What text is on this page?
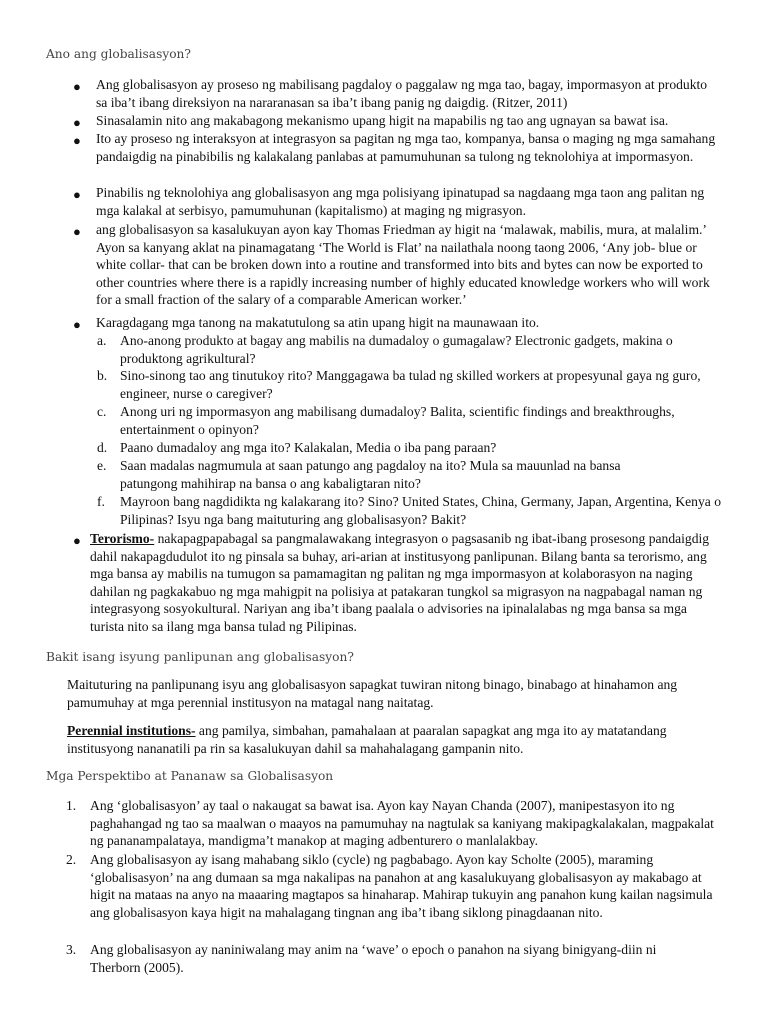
Ano ang globalisasyon?
● Ang globalisasyon ay proseso ng mabilisang pagdaloy o paggalaw ng mga tao, bagay, impormasyon at produkto sa iba’t ibang direksiyon na nararanasan sa iba’t ibang panig ng daigdig. (Ritzer, 2011)
● Sinasalamin nito ang makabagong mekanismo upang higit na mapabilis ng tao ang ugnayan sa bawat isa.
● Ito ay proseso ng interaksyon at integrasyon sa pagitan ng mga tao, kompanya, bansa o maging ng mga samahang pandaigdig na pinabibilis ng kalakalang panlabas at pamumuhunan sa tulong ng teknolohiya at impormasyon.
● Pinabilis ng teknolohiya ang globalisasyon ang mga polisiyang ipinatupad sa nagdaang mga taon ang palitan ng mga kalakal at serbisyo, pamumuhunan (kapitalismo) at maging ng migrasyon.
● ang globalisasyon sa kasalukuyan ayon kay Thomas Friedman ay higit na ‘malawak, mabilis, mura, at malalim.’ Ayon sa kanyang aklat na pinamagatang ‘The World is Flat’ na nailathala noong taong 2006, ‘Any job- blue or white collar- that can be broken down into a routine and transformed into bits and bytes can now be exported to other countries where there is a rapidly increasing number of highly educated knowledge workers who will work for a small fraction of the salary of a comparable American worker.’
● Karagdagang mga tanong na makatutulong sa atin upang higit na maunawaan ito.
a. Ano-anong produkto at bagay ang mabilis na dumadaloy o gumagalaw? Electronic gadgets, makina o produktong agrikultural?
b. Sino-sinong tao ang tinutukoy rito? Manggagawa ba tulad ng skilled workers at propesyunal gaya ng guro, engineer, nurse o caregiver?
c. Anong uri ng impormasyon ang mabilisang dumadaloy? Balita, scientific findings and breakthroughs, entertainment o opinyon?
d. Paano dumadaloy ang mga ito? Kalakalan, Media o iba pang paraan?
e. Saan madalas nagmumula at saan patungo ang pagdaloy na ito? Mula sa mauunlad na bansa patungong mahihirap na bansa o ang kabaligtaran nito?
f. Mayroon bang nagdidikta ng kalakarang ito? Sino? United States, China, Germany, Japan, Argentina, Kenya o Pilipinas? Isyu nga bang maituturing ang globalisasyon? Bakit?
● Terorismo- nakapagpapabagal sa pangmalawakang integrasyon o pagsasanib ng ibat-ibang prosesong pandaigdig dahil nakapagdudulot ito ng pinsala sa buhay, ari-arian at institusyong panlipunan. Bilang banta sa terorismo, ang mga bansa ay mabilis na tumugon sa pamamagitan ng palitan ng mga impormasyon at kolaborasyon na naging dahilan ng pagkakabuo ng mga mahigpit na polisiya at patakaran tungkol sa migrasyon na nagpabagal naman ng integrasyong sosyokultural. Nariyan ang iba’t ibang paalala o advisories na ipinalalabas ng mga bansa sa mga turista nito sa ilang mga bansa tulad ng Pilipinas.
Bakit isang isyung panlipunan ang globalisasyon?
Maituturing na panlipunang isyu ang globalisasyon sapagkat tuwiran nitong binago, binabago at hinahamon ang pamumuhay at mga perennial institusyon na matagal nang naitatag.
Perennial institutions- ang pamilya, simbahan, pamahalaan at paaralan sapagkat ang mga ito ay matatandang institusyong nananatili pa rin sa kasalukuyan dahil sa mahahalagang gampanin nito.
Mga Perspektibo at Pananaw sa Globalisasyon
1. Ang ‘globalisasyon’ ay taal o nakaugat sa bawat isa. Ayon kay Nayan Chanda (2007), manipestasyon ito ng paghahangad ng tao sa maalwan o maayos na pamumuhay na nagtulak sa kaniyang makipagkalakalan, magpakalat ng pananampalataya, mandigma’t manakop at maging adbenturero o manlalakbay.
2. Ang globalisasyon ay isang mahabang siklo (cycle) ng pagbabago. Ayon kay Scholte (2005), maraming ‘globalisasyon’ na ang dumaan sa mga nakalipas na panahon at ang kasalukuyang globalisasyon ay makabago at higit na mataas na anyo na maaaring magtapos sa hinaharap. Mahirap tukuyin ang panahon kung kailan nagsimula ang globalisasyon kaya higit na mahalagang tingnan ang iba’t ibang siklong pinagdaanan nito.
3. Ang globalisasyon ay naniniwalang may anim na ‘wave’ o epoch o panahon na siyang binigyang-diin ni Therborn (2005).
